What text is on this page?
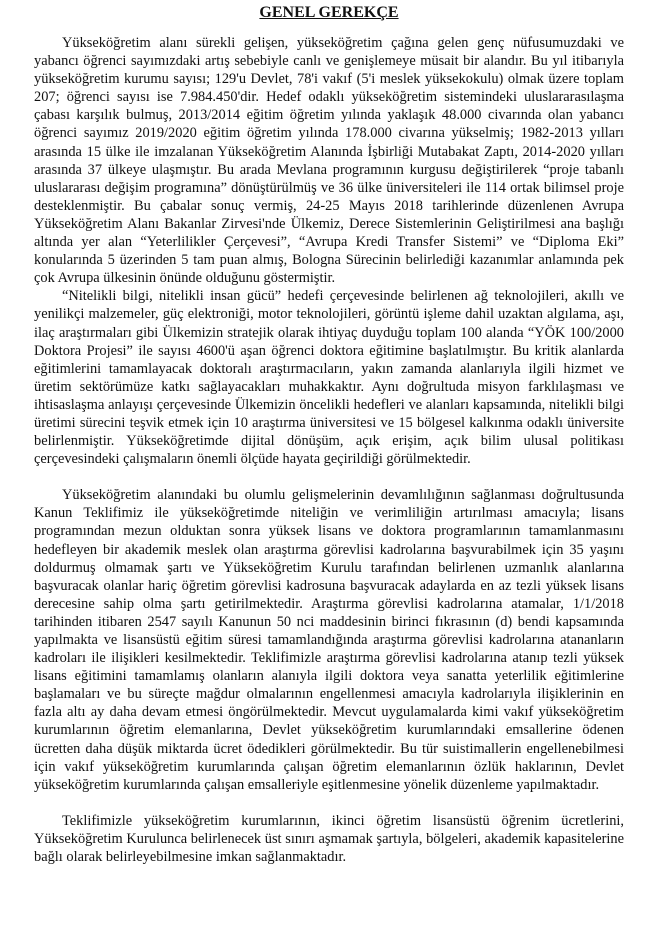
GENEL GEREKÇE

Yükseköğretim alanı sürekli gelişen, yükseköğretim çağına gelen genç nüfusumuzdaki ve yabancı öğrenci sayımızdaki artış sebebiyle canlı ve genişlemeye müsait bir alandır. Bu yıl itibarıyla yükseköğretim kurumu sayısı; 129'u Devlet, 78'i vakıf (5'i meslek yüksekokulu) olmak üzere toplam 207; öğrenci sayısı ise 7.984.450'dir. Hedef odaklı yükseköğretim sistemindeki uluslararasılaşma çabası karşılık bulmuş, 2013/2014 eğitim öğretim yılında yaklaşık 48.000 civarında olan yabancı öğrenci sayımız 2019/2020 eğitim öğretim yılında 178.000 civarına yükselmiş; 1982-2013 yılları arasında 15 ülke ile imzalanan Yükseköğretim Alanında İşbirliği Mutabakat Zaptı, 2014-2020 yılları arasında 37 ülkeye ulaşmıştır. Bu arada Mevlana programının kurgusu değiştirilerek “proje tabanlı uluslararası değişim programına” dönüştürülmüş ve 36 ülke üniversiteleri ile 114 ortak bilimsel proje desteklenmiştir. Bu çabalar sonuç vermiş, 24-25 Mayıs 2018 tarihlerinde düzenlenen Avrupa Yükseköğretim Alanı Bakanlar Zirvesi'nde Ülkemiz, Derece Sistemlerinin Geliştirilmesi ana başlığı altında yer alan “Yeterlilikler Çerçevesi”, “Avrupa Kredi Transfer Sistemi” ve “Diploma Eki” konularında 5 üzerinden 5 tam puan almış, Bologna Sürecinin belirlediği kazanımlar anlamında pek çok Avrupa ülkesinin önünde olduğunu göstermiştir.

“Nitelikli bilgi, nitelikli insan gücü” hedefi çerçevesinde belirlenen ağ teknolojileri, akıllı ve yenilikçi malzemeler, güç elektroniği, motor teknolojileri, görüntü işleme dahil uzaktan algılama, aşı, ilaç araştırmaları gibi Ülkemizin stratejik olarak ihtiyaç duyduğu toplam 100 alanda “YÖK 100/2000 Doktora Projesi” ile sayısı 4600'ü aşan öğrenci doktora eğitimine başlatılmıştır. Bu kritik alanlarda eğitimlerini tamamlayacak doktoralı araştırmacıların, yakın zamanda alanlarıyla ilgili hizmet ve üretim sektörümüze katkı sağlayacakları muhakkaktır. Aynı doğrultuda misyon farklılaşması ve ihtisaslaşma anlayışı çerçevesinde Ülkemizin öncelikli hedefleri ve alanları kapsamında, nitelikli bilgi üretimi sürecini teşvik etmek için 10 araştırma üniversitesi ve 15 bölgesel kalkınma odaklı üniversite belirlenmiştir. Yükseköğretimde dijital dönüşüm, açık erişim, açık bilim ulusal politikası çerçevesindeki çalışmaların önemli ölçüde hayata geçirildiği görülmektedir.

Yükseköğretim alanındaki bu olumlu gelişmelerinin devamlılığının sağlanması doğrultusunda Kanun Teklifimiz ile yükseköğretimde niteliğin ve verimliliğin artırılması amacıyla; lisans programından mezun olduktan sonra yüksek lisans ve doktora programlarının tamamlanmasını hedefleyen bir akademik meslek olan araştırma görevlisi kadrolarına başvurabilmek için 35 yaşını doldurmuş olmamak şartı ve Yükseköğretim Kurulu tarafından belirlenen uzmanlık alanlarına başvuracak olanlar hariç öğretim görevlisi kadrosuna başvuracak adaylarda en az tezli yüksek lisans derecesine sahip olma şartı getirilmektedir. Araştırma görevlisi kadrolarına atamalar, 1/1/2018 tarihinden itibaren 2547 sayılı Kanunun 50 nci maddesinin birinci fıkrasının (d) bendi kapsamında yapılmakta ve lisansüstü eğitim süresi tamamlandığında araştırma görevlisi kadrolarına atananların kadroları ile ilişikleri kesilmektedir. Teklifimizle araştırma görevlisi kadrolarına atanıp tezli yüksek lisans eğitimini tamamlamış olanların alanıyla ilgili doktora veya sanatta yeterlilik eğitimlerine başlamaları ve bu süreçte mağdur olmalarının engellenmesi amacıyla kadrolarıyla ilişiklerinin en fazla altı ay daha devam etmesi öngörülmektedir. Mevcut uygulamalarda kimi vakıf yükseköğretim kurumlarının öğretim elemanlarına, Devlet yükseköğretim kurumlarındaki emsallerine ödenen ücretten daha düşük miktarda ücret ödedikleri görülmektedir. Bu tür suistimallerin engellenebilmesi için vakıf yükseköğretim kurumlarında çalışan öğretim elemanlarının özlük haklarının, Devlet yükseköğretim kurumlarında çalışan emsalleriyle eşitlenmesine yönelik düzenleme yapılmaktadır.

Teklifimizle yükseköğretim kurumlarının, ikinci öğretim lisansüstü öğrenim ücretlerini, Yükseköğretim Kurulunca belirlenecek üst sınırı aşmamak şartıyla, bölgeleri, akademik kapasitelerine bağlı olarak belirleyebilmesine imkan sağlanmaktadır.
